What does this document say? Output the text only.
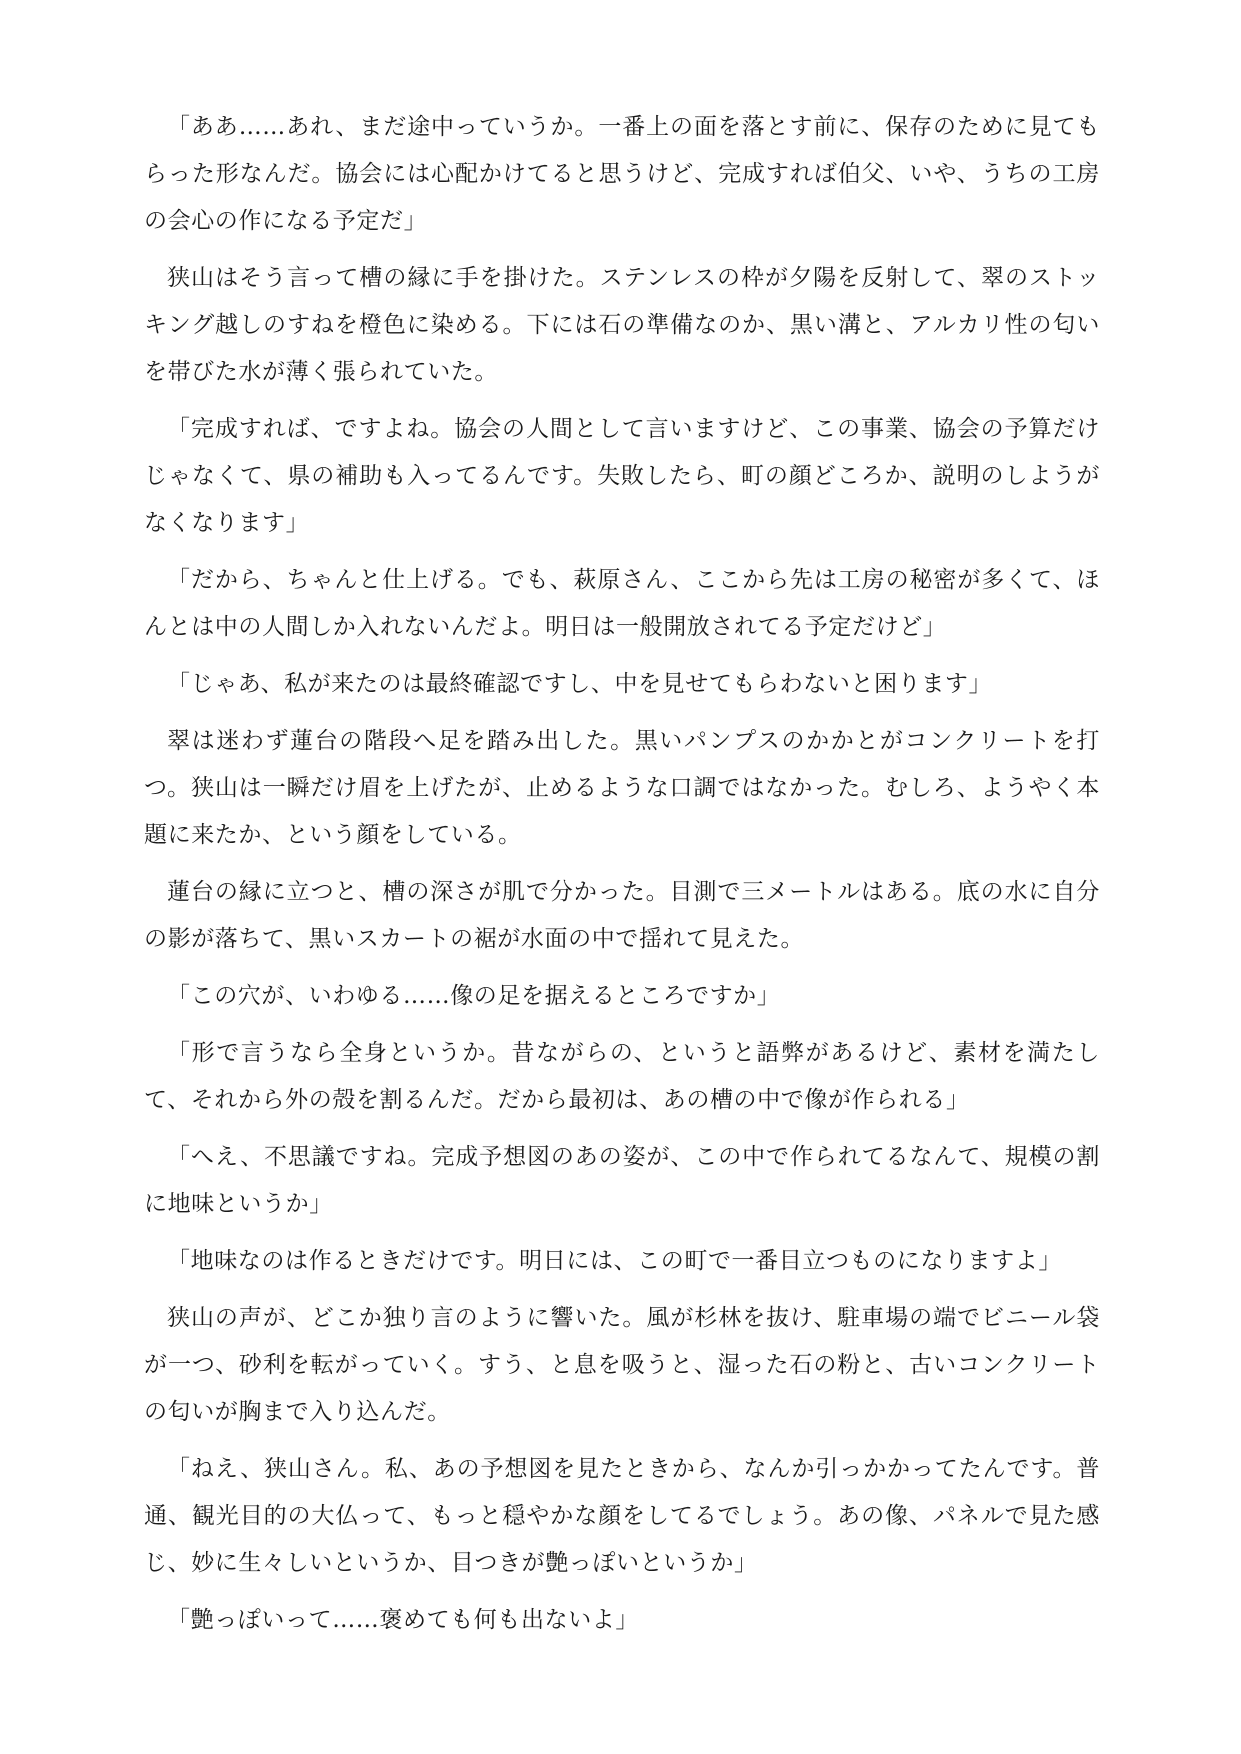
「ああ……あれ、まだ途中っていうか。一番上の面を落とす前に、保存のために見てもらった形なんだ。協会には心配かけてると思うけど、完成すれば伯父、いや、うちの工房の会心の作になる予定だ」

狭山はそう言って槽の縁に手を掛けた。ステンレスの枠が夕陽を反射して、翠のストッキング越しのすねを橙色に染める。下には石の準備なのか、黒い溝と、アルカリ性の匂いを帯びた水が薄く張られていた。

「完成すれば、ですよね。協会の人間として言いますけど、この事業、協会の予算だけじゃなくて、県の補助も入ってるんです。失敗したら、町の顔どころか、説明のしようがなくなります」

「だから、ちゃんと仕上げる。でも、萩原さん、ここから先は工房の秘密が多くて、ほんとは中の人間しか入れないんだよ。明日は一般開放されてる予定だけど」

「じゃあ、私が来たのは最終確認ですし、中を見せてもらわないと困ります」

翠は迷わず蓮台の階段へ足を踏み出した。黒いパンプスのかかとがコンクリートを打つ。狭山は一瞬だけ眉を上げたが、止めるような口調ではなかった。むしろ、ようやく本題に来たか、という顔をしている。

蓮台の縁に立つと、槽の深さが肌で分かった。目測で三メートルはある。底の水に自分の影が落ちて、黒いスカートの裾が水面の中で揺れて見えた。

「この穴が、いわゆる……像の足を据えるところですか」

「形で言うなら全身というか。昔ながらの、というと語弊があるけど、素材を満たして、それから外の殻を割るんだ。だから最初は、あの槽の中で像が作られる」

「へえ、不思議ですね。完成予想図のあの姿が、この中で作られてるなんて、規模の割に地味というか」

「地味なのは作るときだけです。明日には、この町で一番目立つものになりますよ」

狭山の声が、どこか独り言のように響いた。風が杉林を抜け、駐車場の端でビニール袋が一つ、砂利を転がっていく。すう、と息を吸うと、湿った石の粉と、古いコンクリートの匂いが胸まで入り込んだ。

「ねえ、狭山さん。私、あの予想図を見たときから、なんか引っかかってたんです。普通、観光目的の大仏って、もっと穏やかな顔をしてるでしょう。あの像、パネルで見た感じ、妙に生々しいというか、目つきが艶っぽいというか」

「艶っぽいって……褒めても何も出ないよ」
